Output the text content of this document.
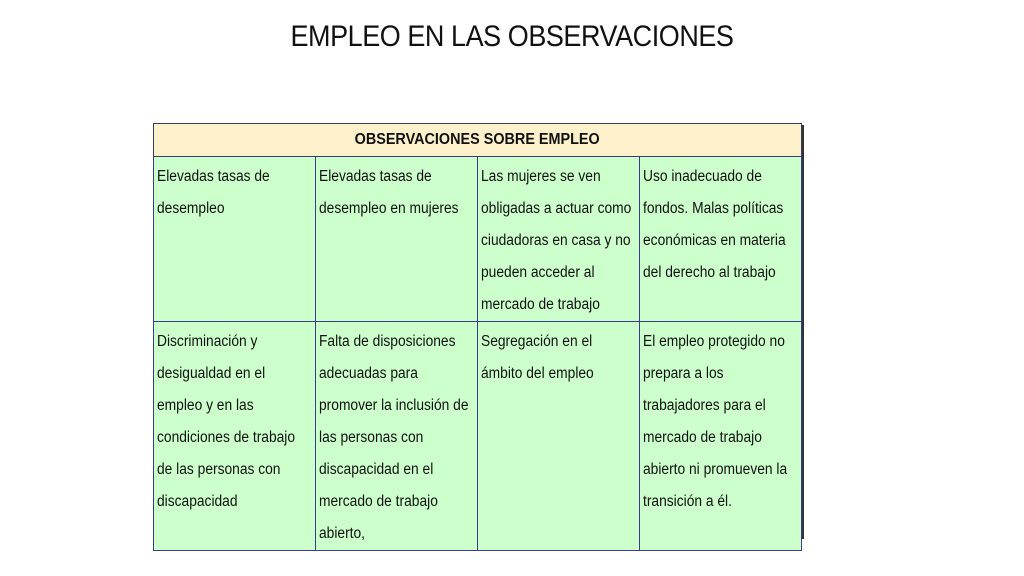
EMPLEO EN LAS OBSERVACIONES
OBSERVACIONES SOBRE EMPLEO			

Elevadas tasas de desempleo	Elevadas tasas de desempleo en mujeres	Las mujeres se ven obligadas a actuar como ciudadoras en casa y no pueden acceder al mercado de trabajo	Uso inadecuado de fondos. Malas políticas económicas en materia del derecho al trabajo

Discriminación y desigualdad en el empleo y en las condiciones de trabajo de las personas con discapacidad	Falta de disposiciones adecuadas para promover la inclusión de las personas con discapacidad en el mercado de trabajo abierto,	Segregación en el ámbito del empleo	El empleo protegido no prepara a los trabajadores para el mercado de trabajo abierto ni promueven la transición a él.
